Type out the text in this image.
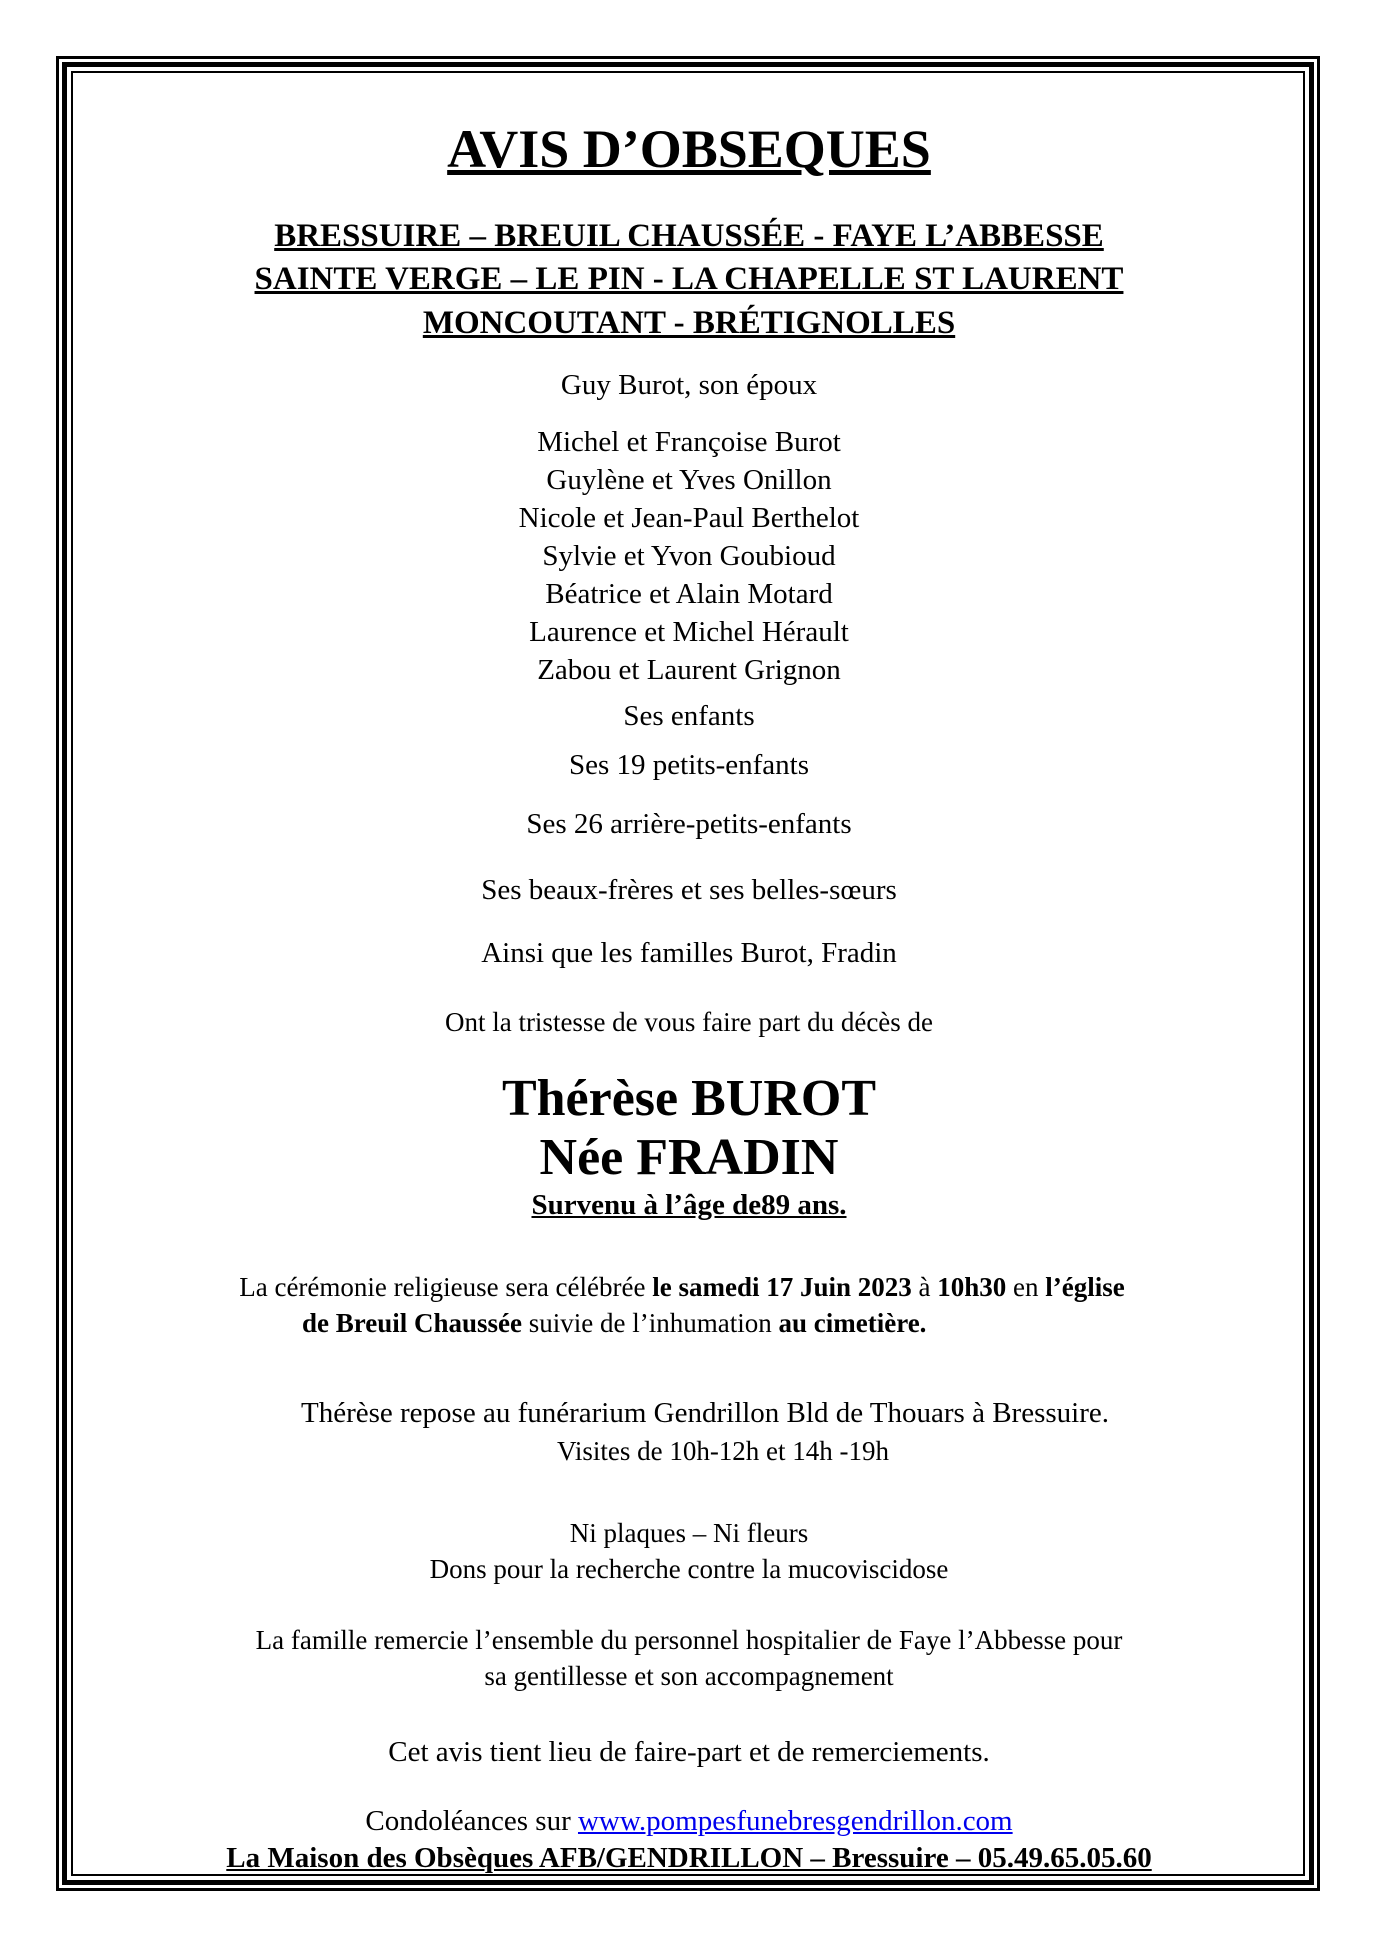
AVIS D’OBSEQUES
BRESSUIRE – BREUIL CHAUSSÉE - FAYE L’ABBESSE
SAINTE VERGE – LE PIN - LA CHAPELLE ST LAURENT
MONCOUTANT - BRÉTIGNOLLES
Guy Burot, son époux
Michel et Françoise Burot
Guylène et Yves Onillon
Nicole et Jean-Paul Berthelot
Sylvie et Yvon Goubioud
Béatrice et Alain Motard
Laurence et Michel Hérault
Zabou et Laurent Grignon
Ses enfants
Ses 19 petits-enfants
Ses 26 arrière-petits-enfants
Ses beaux-frères et ses belles-sœurs
Ainsi que les familles Burot, Fradin
Ont la tristesse de vous faire part du décès de
Thérèse BUROT
Née FRADIN
Survenu à l’âge de89 ans.
La cérémonie religieuse sera célébrée le samedi 17 Juin 2023 à 10h30 en l’église
de Breuil Chaussée suivie de l’inhumation au cimetière.
Thérèse repose au funérarium Gendrillon Bld de Thouars à Bressuire.
Visites de 10h-12h et 14h -19h
Ni plaques – Ni fleurs
Dons pour la recherche contre la mucoviscidose
La famille remercie l’ensemble du personnel hospitalier de Faye l’Abbesse pour
sa gentillesse et son accompagnement
Cet avis tient lieu de faire-part et de remerciements.
Condoléances sur www.pompesfunebresgendrillon.com
La Maison des Obsèques AFB/GENDRILLON – Bressuire – 05.49.65.05.60
